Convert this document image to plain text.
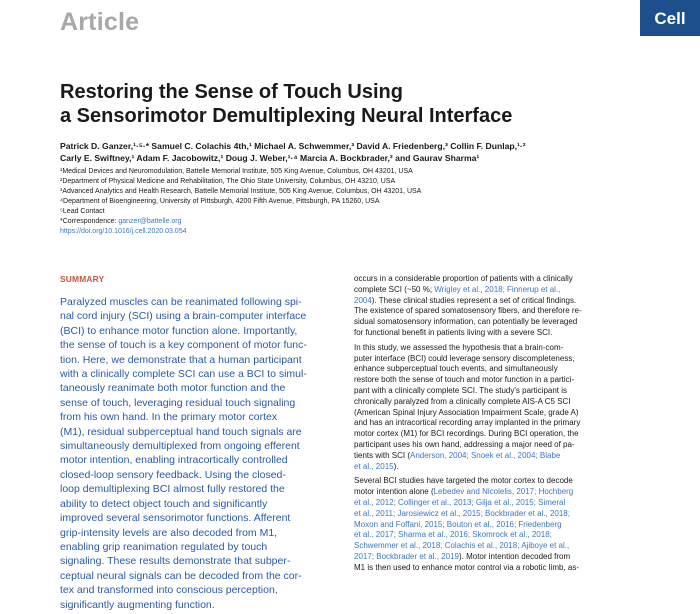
Article	Cell
Restoring the Sense of Touch Using
a Sensorimotor Demultiplexing Neural Interface
Patrick D. Ganzer,¹·⁵·* Samuel C. Colachis 4th,¹ Michael A. Schwemmer,³ David A. Friedenberg,³ Collin F. Dunlap,¹·²
Carly E. Swiftney,¹ Adam F. Jacobowitz,¹ Doug J. Weber,¹·⁴ Marcia A. Bockbrader,² and Gaurav Sharma¹
¹Medical Devices and Neuromodulation, Battelle Memorial Institute, 505 King Avenue, Columbus, OH 43201, USA
²Department of Physical Medicine and Rehabilitation, The Ohio State University, Columbus, OH 43210, USA
³Advanced Analytics and Health Research, Battelle Memorial Institute, 505 King Avenue, Columbus, OH 43201, USA
⁴Department of Bioengineering, University of Pittsburgh, 4200 Fifth Avenue, Pittsburgh, PA 15260, USA
⁵Lead Contact
*Correspondence: ganzer@battelle.org
https://doi.org/10.1016/j.cell.2020.03.054
SUMMARY
Paralyzed muscles can be reanimated following spi-
nal cord injury (SCI) using a brain-computer interface
(BCI) to enhance motor function alone. Importantly,
the sense of touch is a key component of motor func-
tion. Here, we demonstrate that a human participant
with a clinically complete SCI can use a BCI to simul-
taneously reanimate both motor function and the
sense of touch, leveraging residual touch signaling
from his own hand. In the primary motor cortex
(M1), residual subperceptual hand touch signals are
simultaneously demultiplexed from ongoing efferent
motor intention, enabling intracortically controlled
closed-loop sensory feedback. Using the closed-
loop demultiplexing BCI almost fully restored the
ability to detect object touch and significantly
improved several sensorimotor functions. Afferent
grip-intensity levels are also decoded from M1,
enabling grip reanimation regulated by touch
signaling. These results demonstrate that subper-
ceptual neural signals can be decoded from the cor-
tex and transformed into conscious perception,
significantly augmenting function.
occurs in a considerable proportion of patients with a clinically
complete SCI (~50 %; Wrigley et al., 2018; Finnerup et al.,
2004). These clinical studies represent a set of critical findings.
The existence of spared somatosensory fibers, and therefore re-
sidual somatosensory information, can potentially be leveraged
for functional benefit in patients living with a severe SCI.
In this study, we assessed the hypothesis that a brain-com-
puter interface (BCI) could leverage sensory discompleteness,
enhance subperceptual touch events, and simultaneously
restore both the sense of touch and motor function in a partici-
pant with a clinically complete SCI. The study's participant is
chronically paralyzed from a clinically complete AIS-A C5 SCI
(American Spinal Injury Association Impairment Scale, grade A)
and has an intracortical recording array implanted in the primary
motor cortex (M1) for BCI recordings. During BCI operation, the
participant uses his own hand, addressing a major need of pa-
tients with SCI (Anderson, 2004; Snoek et al., 2004; Blabe
et al., 2015).
Several BCI studies have targeted the motor cortex to decode
motor intention alone (Lebedev and Nicolelis, 2017; Hochberg
et al., 2012; Collinger et al., 2013; Gilja et al., 2015; Simeral
et al., 2011; Jarosiewicz et al., 2015; Bockbrader et al., 2018;
Moxon and Foffani, 2015; Bouton et al., 2016; Friedenberg
et al., 2017; Sharma et al., 2016; Skomrock et al., 2018;
Schwemmer et al., 2018; Colachis et al., 2018; Ajiboye et al.,
2017; Bockbrader et al., 2019). Motor intention decoded from
M1 is then used to enhance motor control via a robotic limb, as-
